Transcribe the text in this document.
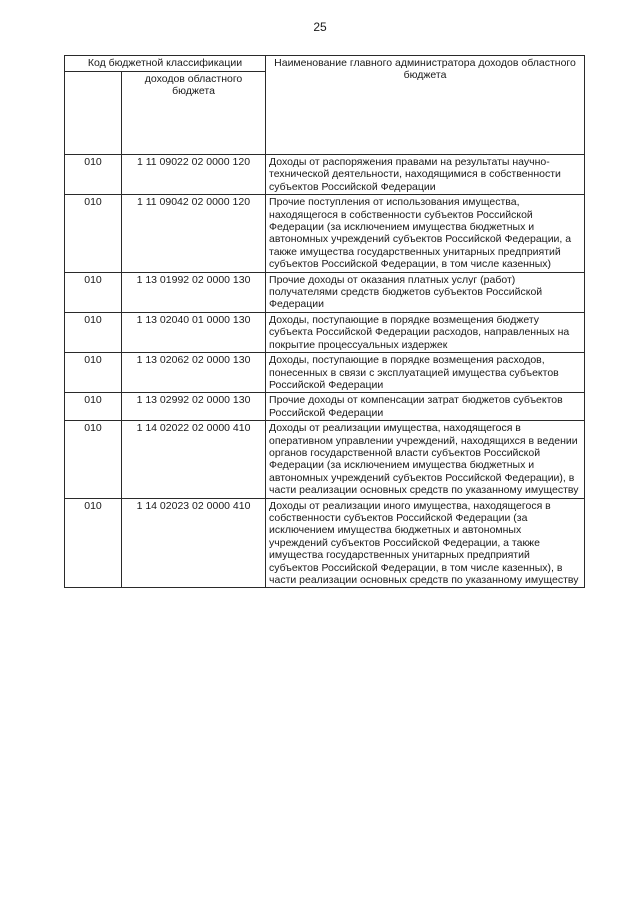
25
Код бюджетной классификации		Наименование главного администратора доходов областного бюджета
	доходов областного бюджета	
010	1 11 09022 02 0000 120	Доходы от распоряжения правами на результаты научно-технической деятельности, находящимися в собственности субъектов Российской Федерации
010	1 11 09042 02 0000 120	Прочие поступления от использования имущества, находящегося в собственности субъектов Российской Федерации (за исключением имущества бюджетных и автономных учреждений субъектов Российской Федерации, а также имущества государственных унитарных предприятий субъектов Российской Федерации, в том числе казенных)
010	1 13 01992 02 0000 130	Прочие доходы от оказания платных услуг (работ) получателями средств бюджетов субъектов Российской Федерации
010	1 13 02040 01 0000 130	Доходы, поступающие в порядке возмещения бюджету субъекта Российской Федерации расходов, направленных на покрытие процессуальных издержек
010	1 13 02062 02 0000 130	Доходы, поступающие в порядке возмещения расходов, понесенных в связи с эксплуатацией имущества субъектов Российской Федерации
010	1 13 02992 02 0000 130	Прочие доходы от компенсации затрат бюджетов субъектов Российской Федерации
010	1 14 02022 02 0000 410	Доходы от реализации имущества, находящегося в оперативном управлении учреждений, находящихся в ведении органов государственной власти субъектов Российской Федерации (за исключением имущества бюджетных и автономных учреждений субъектов Российской Федерации), в части реализации основных средств по указанному имуществу
010	1 14 02023 02 0000 410	Доходы от реализации иного имущества, находящегося в собственности субъектов Российской Федерации (за исключением имущества бюджетных и автономных учреждений субъектов Российской Федерации, а также имущества государственных унитарных предприятий субъектов Российской Федерации, в том числе казенных), в части реализации основных средств по указанному имуществу
